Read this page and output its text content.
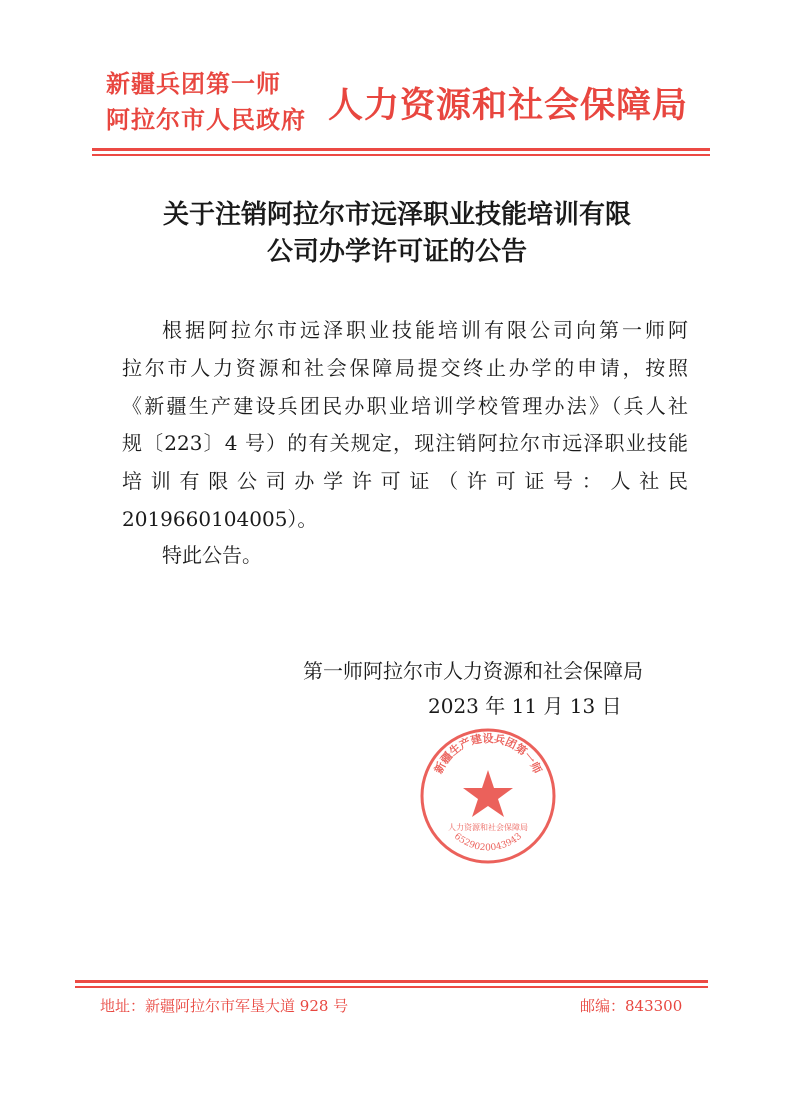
新疆兵团第一师
阿拉尔市人民政府 人力资源和社会保障局
关于注销阿拉尔市远泽职业技能培训有限
公司办学许可证的公告
根据阿拉尔市远泽职业技能培训有限公司向第一师阿
拉尔市人力资源和社会保障局提交终止办学的申请，按照
《新疆生产建设兵团民办职业培训学校管理办法》（兵人社
规〔223〕4 号）的有关规定，现注销阿拉尔市远泽职业技能
培训有限公司办学许可证（许可证号：人社民
2019660104005）。
特此公告。
第一师阿拉尔市人力资源和社会保障局
2023 年 11 月 13 日
新疆生产建设兵团第一师
6529020043943
人力资源和社会保障局
地址：新疆阿拉尔市军垦大道 928 号	邮编：843300
